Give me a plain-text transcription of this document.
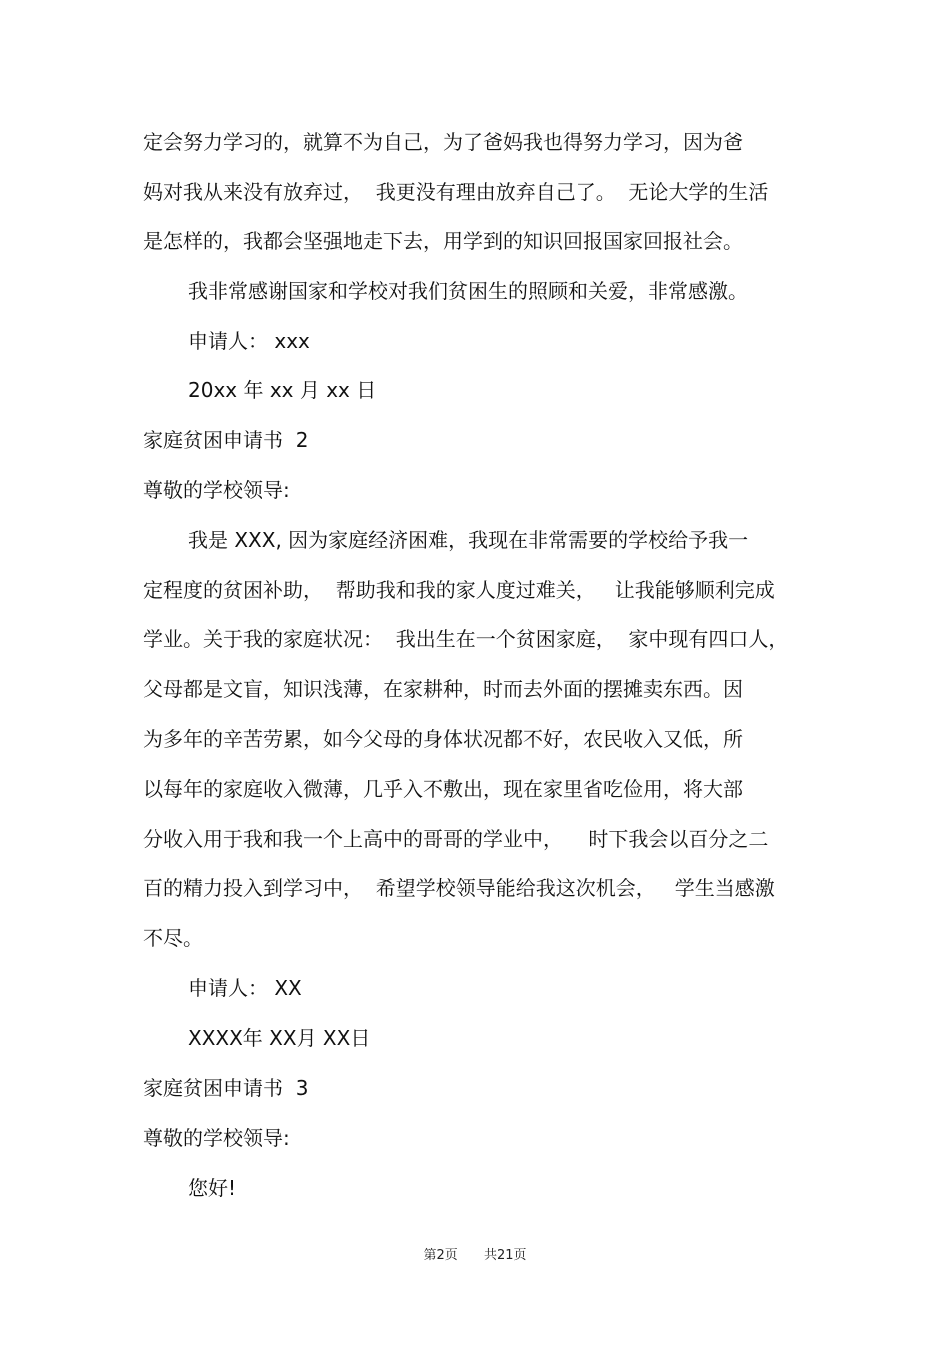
定会努力学习的，就算不为自己，为了爸妈我也得努力学习，因为爸
妈对我从来没有放弃过，  我更没有理由放弃自己了。  无论大学的生活
是怎样的，我都会坚强地走下去，用学到的知识回报国家回报社会。
我非常感谢国家和学校对我们贫困生的照顾和关爱，非常感激。
申请人： xxx
20xx 年 xx 月 xx 日
家庭贫困申请书  2
尊敬的学校领导:
我是 XXX, 因为家庭经济困难，我现在非常需要的学校给予我一
定程度的贫困补助，  帮助我和我的家人度过难关，   让我能够顺利完成
学业。关于我的家庭状况：  我出生在一个贫困家庭，  家中现有四口人，
父母都是文盲，知识浅薄，在家耕种，时而去外面的摆摊卖东西。因
为多年的辛苦劳累，如今父母的身体状况都不好，农民收入又低，所
以每年的家庭收入微薄，几乎入不敷出，现在家里省吃俭用，将大部
分收入用于我和我一个上高中的哥哥的学业中，    时下我会以百分之二
百的精力投入到学习中，  希望学校领导能给我这次机会，   学生当感激
不尽。
申请人： XX
XXXX年 XX月 XX日
家庭贫困申请书  3
尊敬的学校领导:
您好!
第2页 共21页
